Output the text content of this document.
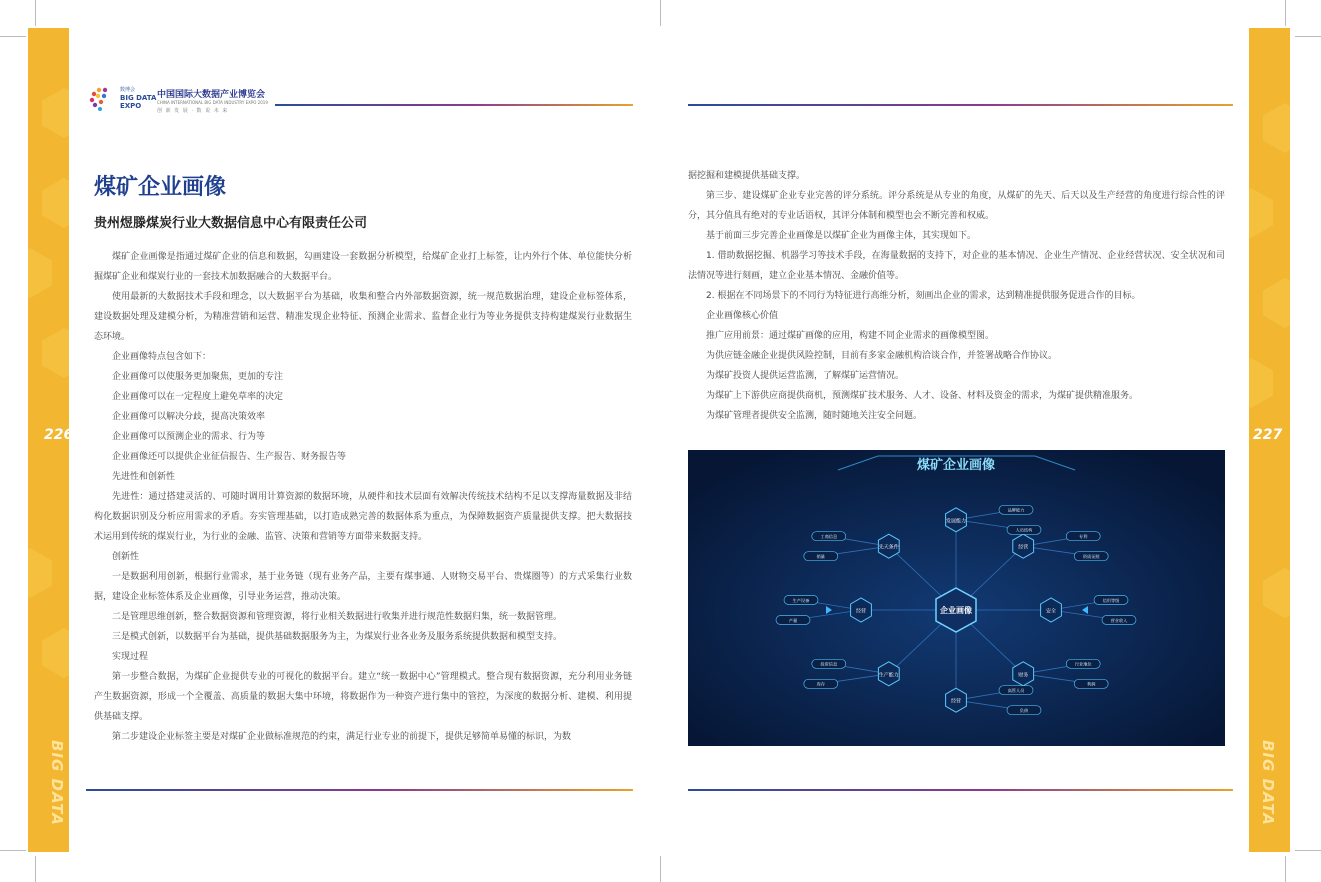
226
BIG DATA
227
BIG DATA
数博会
BIG DATA
EXPO
中国国际大数据产业博览会
CHINA INTERNATIONAL BIG DATA INDUSTRY EXPO 2019
创 新 发 展 · 数 说 未 来
煤矿企业画像
贵州煜滕煤炭行业大数据信息中心有限责任公司

煤矿企业画像是指通过煤矿企业的信息和数据，勾画建设一套数据分析模型，给煤矿企业打上标签，让内外行个体、单位能快分析掘煤矿企业和煤炭行业的一套技术加数据融合的大数据平台。

使用最新的大数据技术手段和理念，以大数据平台为基础，收集和整合内外部数据资源，统一规范数据治理，建设企业标签体系，建设数据处理及建模分析，为精准营销和运营、精准发现企业特征、预测企业需求、监督企业行为等业务提供支持构建煤炭行业数据生态环境。

企业画像特点包含如下：

企业画像可以使服务更加聚焦，更加的专注

企业画像可以在一定程度上避免草率的决定

企业画像可以解决分歧，提高决策效率

企业画像可以预测企业的需求、行为等

企业画像还可以提供企业征信报告、生产报告、财务报告等

先进性和创新性

先进性：通过搭建灵活的、可随时调用计算资源的数据环境，从硬件和技术层面有效解决传统技术结构不足以支撑海量数据及非结构化数据识别及分析应用需求的矛盾。夯实管理基础，以打造成熟完善的数据体系为重点，为保障数据资产质量提供支撑。把大数据技术运用到传统的煤炭行业，为行业的金融、监管、决策和营销等方面带来数据支持。

创新性

一是数据利用创新，根据行业需求，基于业务链（现有业务产品，主要有煤事通、人财物交易平台、贵煤圈等）的方式采集行业数据，建设企业标签体系及企业画像，引导业务运营，推动决策。

二是管理思维创新，整合数据资源和管理资源，将行业相关数据进行收集并进行规范性数据归集，统一数据管理。

三是模式创新，以数据平台为基础，提供基础数据服务为主，为煤炭行业各业务及服务系统提供数据和模型支持。

实现过程

第一步整合数据，为煤矿企业提供专业的可视化的数据平台。建立“统一数据中心”管理模式。整合现有数据资源，充分利用业务链产生数据资源，形成一个全覆盖、高质量的数据大集中环境，将数据作为一种资产进行集中的管控，为深度的数据分析、建模、利用提供基础支撑。

第二步建设企业标签主要是对煤矿企业做标准规范的约束，满足行业专业的前提下，提供足够简单易懂的标识，为数

据挖掘和建模提供基础支撑。

第三步、建设煤矿企业专业完善的评分系统。评分系统是从专业的角度，从煤矿的先天、后天以及生产经营的角度进行综合性的评分，其分值具有绝对的专业话语权，其评分体制和模型也会不断完善和权威。

基于前面三步完善企业画像是以煤矿企业为画像主体，其实现如下。

1. 借助数据挖掘、机器学习等技术手段，在海量数据的支持下，对企业的基本情况、企业生产情况、企业经营状况、安全状况和司法情况等进行刻画，建立企业基本情况、金融价值等。

2. 根据在不同场景下的不同行为特征进行高维分析，刻画出企业的需求，达到精准提供服务促进合作的目标。

企业画像核心价值

推广应用前景：通过煤矿画像的应用，构建不同企业需求的画像模型图。

为供应链金融企业提供风险控制，目前有多家金融机构洽谈合作，并签署战略合作协议。

为煤矿投资人提供运营监测，了解煤矿运营情况。

为煤矿上下游供应商提供商机，预测煤矿技术服务、人才、设备、材料及资金的需求，为煤矿提供精准服务。

为煤矿管理者提供安全监测，随时随地关注安全问题。

煤矿企业画像
发展能力
经营
安全
财务
经营
生产能力
经营
先天条件
品牌能力
专利
信用等级
行业地位
高管人员
投资信息
生产设备
工商信息
人员结构
资质证照
营业收入
利润
负债
库存
产量
销量
企业画像
